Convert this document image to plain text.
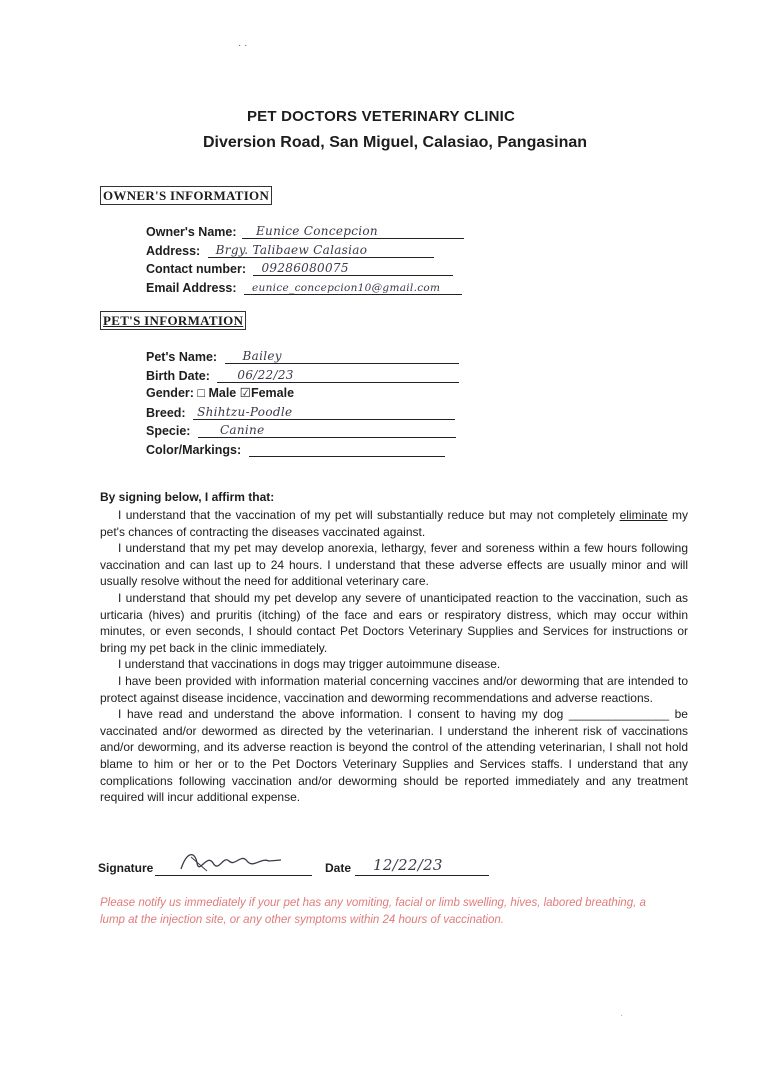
· ·
PET DOCTORS VETERINARY CLINIC
Diversion Road, San Miguel, Calasiao, Pangasinan
OWNER'S INFORMATION
Owner's Name: Eunice Concepcion
Address: Brgy. Talibaew Calasiao
Contact number: 09286080075
Email Address: eunice_concepcion10@gmail.com
PET'S INFORMATION
Pet's Name: Bailey
Birth Date: 06/22/23
Gender: □ Male ☑Female
Breed: Shihtzu-Poodle
Specie: Canine
Color/Markings:
By signing below, I affirm that:

I understand that the vaccination of my pet will substantially reduce but may not completely eliminate my pet's chances of contracting the diseases vaccinated against.

I understand that my pet may develop anorexia, lethargy, fever and soreness within a few hours following vaccination and can last up to 24 hours. I understand that these adverse effects are usually minor and will usually resolve without the need for additional veterinary care.

I understand that should my pet develop any severe of unanticipated reaction to the vaccination, such as urticaria (hives) and pruritis (itching) of the face and ears or respiratory distress, which may occur within minutes, or even seconds, I should contact Pet Doctors Veterinary Supplies and Services for instructions or bring my pet back in the clinic immediately.

I understand that vaccinations in dogs may trigger autoimmune disease.

I have been provided with information material concerning vaccines and/or deworming that are intended to protect against disease incidence, vaccination and deworming recommendations and adverse reactions.

I have read and understand the above information. I consent to having my dog _______________ be vaccinated and/or dewormed as directed by the veterinarian. I understand the inherent risk of vaccinations and/or deworming, and its adverse reaction is beyond the control of the attending veterinarian, I shall not hold blame to him or her or to the Pet Doctors Veterinary Supplies and Services staffs. I understand that any complications following vaccination and/or deworming should be reported immediately and any treatment required will incur additional expense.

Signature	Date 12/22/23
Please notify us immediately if your pet has any vomiting, facial or limb swelling, hives, labored breathing, a lump at the injection site, or any other symptoms within 24 hours of vaccination.
·
